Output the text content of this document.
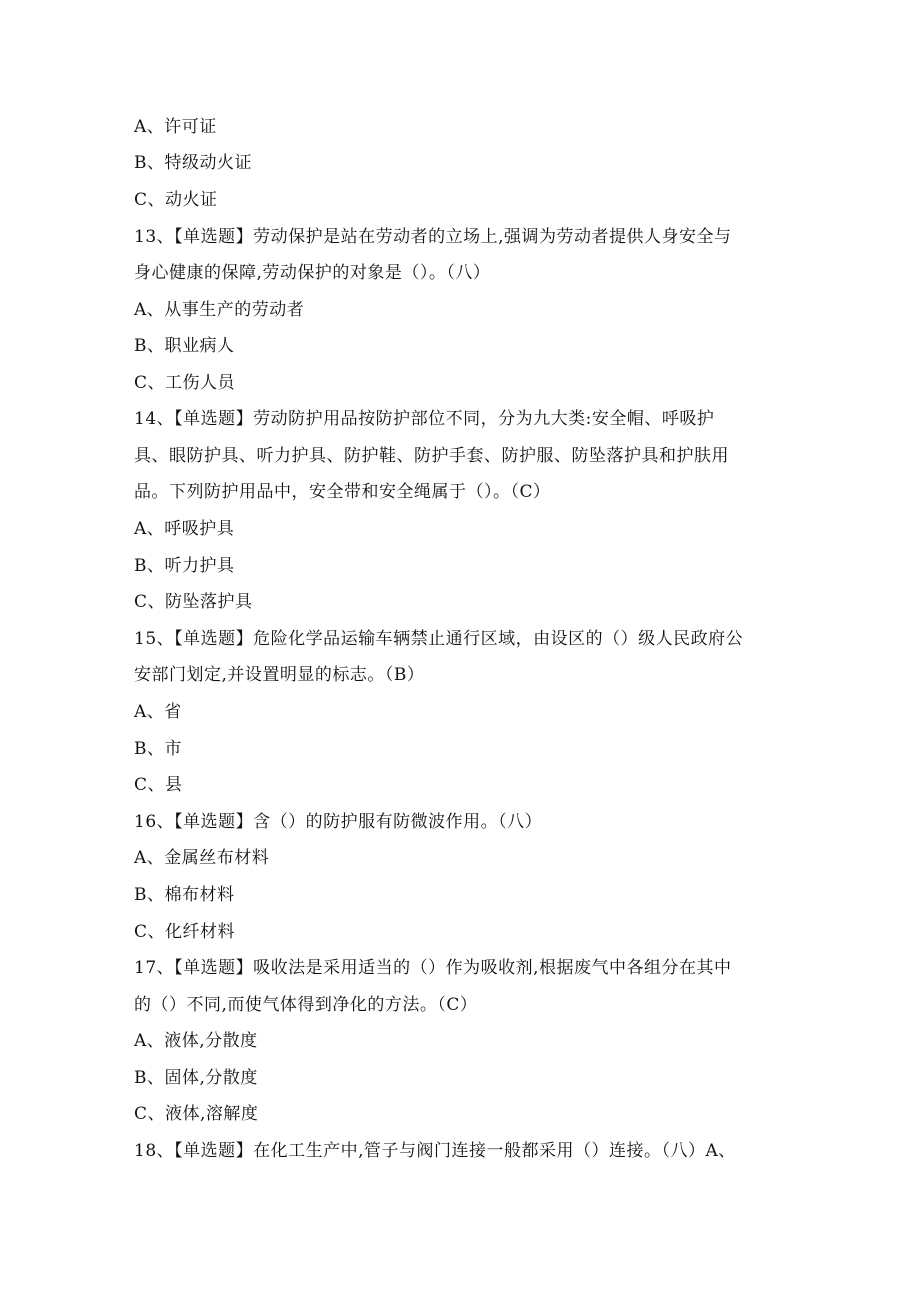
A、许可证
B、特级动火证
C、动火证
13、【单选题】劳动保护是站在劳动者的立场上,强调为劳动者提供人身安全与
身心健康的保障,劳动保护的对象是（）。（八）
A、从事生产的劳动者
B、职业病人
C、工伤人员
14、【单选题】劳动防护用品按防护部位不同，分为九大类:安全帽、呼吸护
具、眼防护具、听力护具、防护鞋、防护手套、防护服、防坠落护具和护肤用
品。下列防护用品中，安全带和安全绳属于（）。（C）
A、呼吸护具
B、听力护具
C、防坠落护具
15、【单选题】危险化学品运输车辆禁止通行区域，由设区的（）级人民政府公
安部门划定,并设置明显的标志。（B）
A、省
B、市
C、县
16、【单选题】含（）的防护服有防微波作用。（八）
A、金属丝布材料
B、棉布材料
C、化纤材料
17、【单选题】吸收法是采用适当的（）作为吸收剂,根据废气中各组分在其中
的（）不同,而使气体得到净化的方法。（C）
A、液体,分散度
B、固体,分散度
C、液体,溶解度
18、【单选题】在化工生产中,管子与阀门连接一般都采用（）连接。（八）A、
